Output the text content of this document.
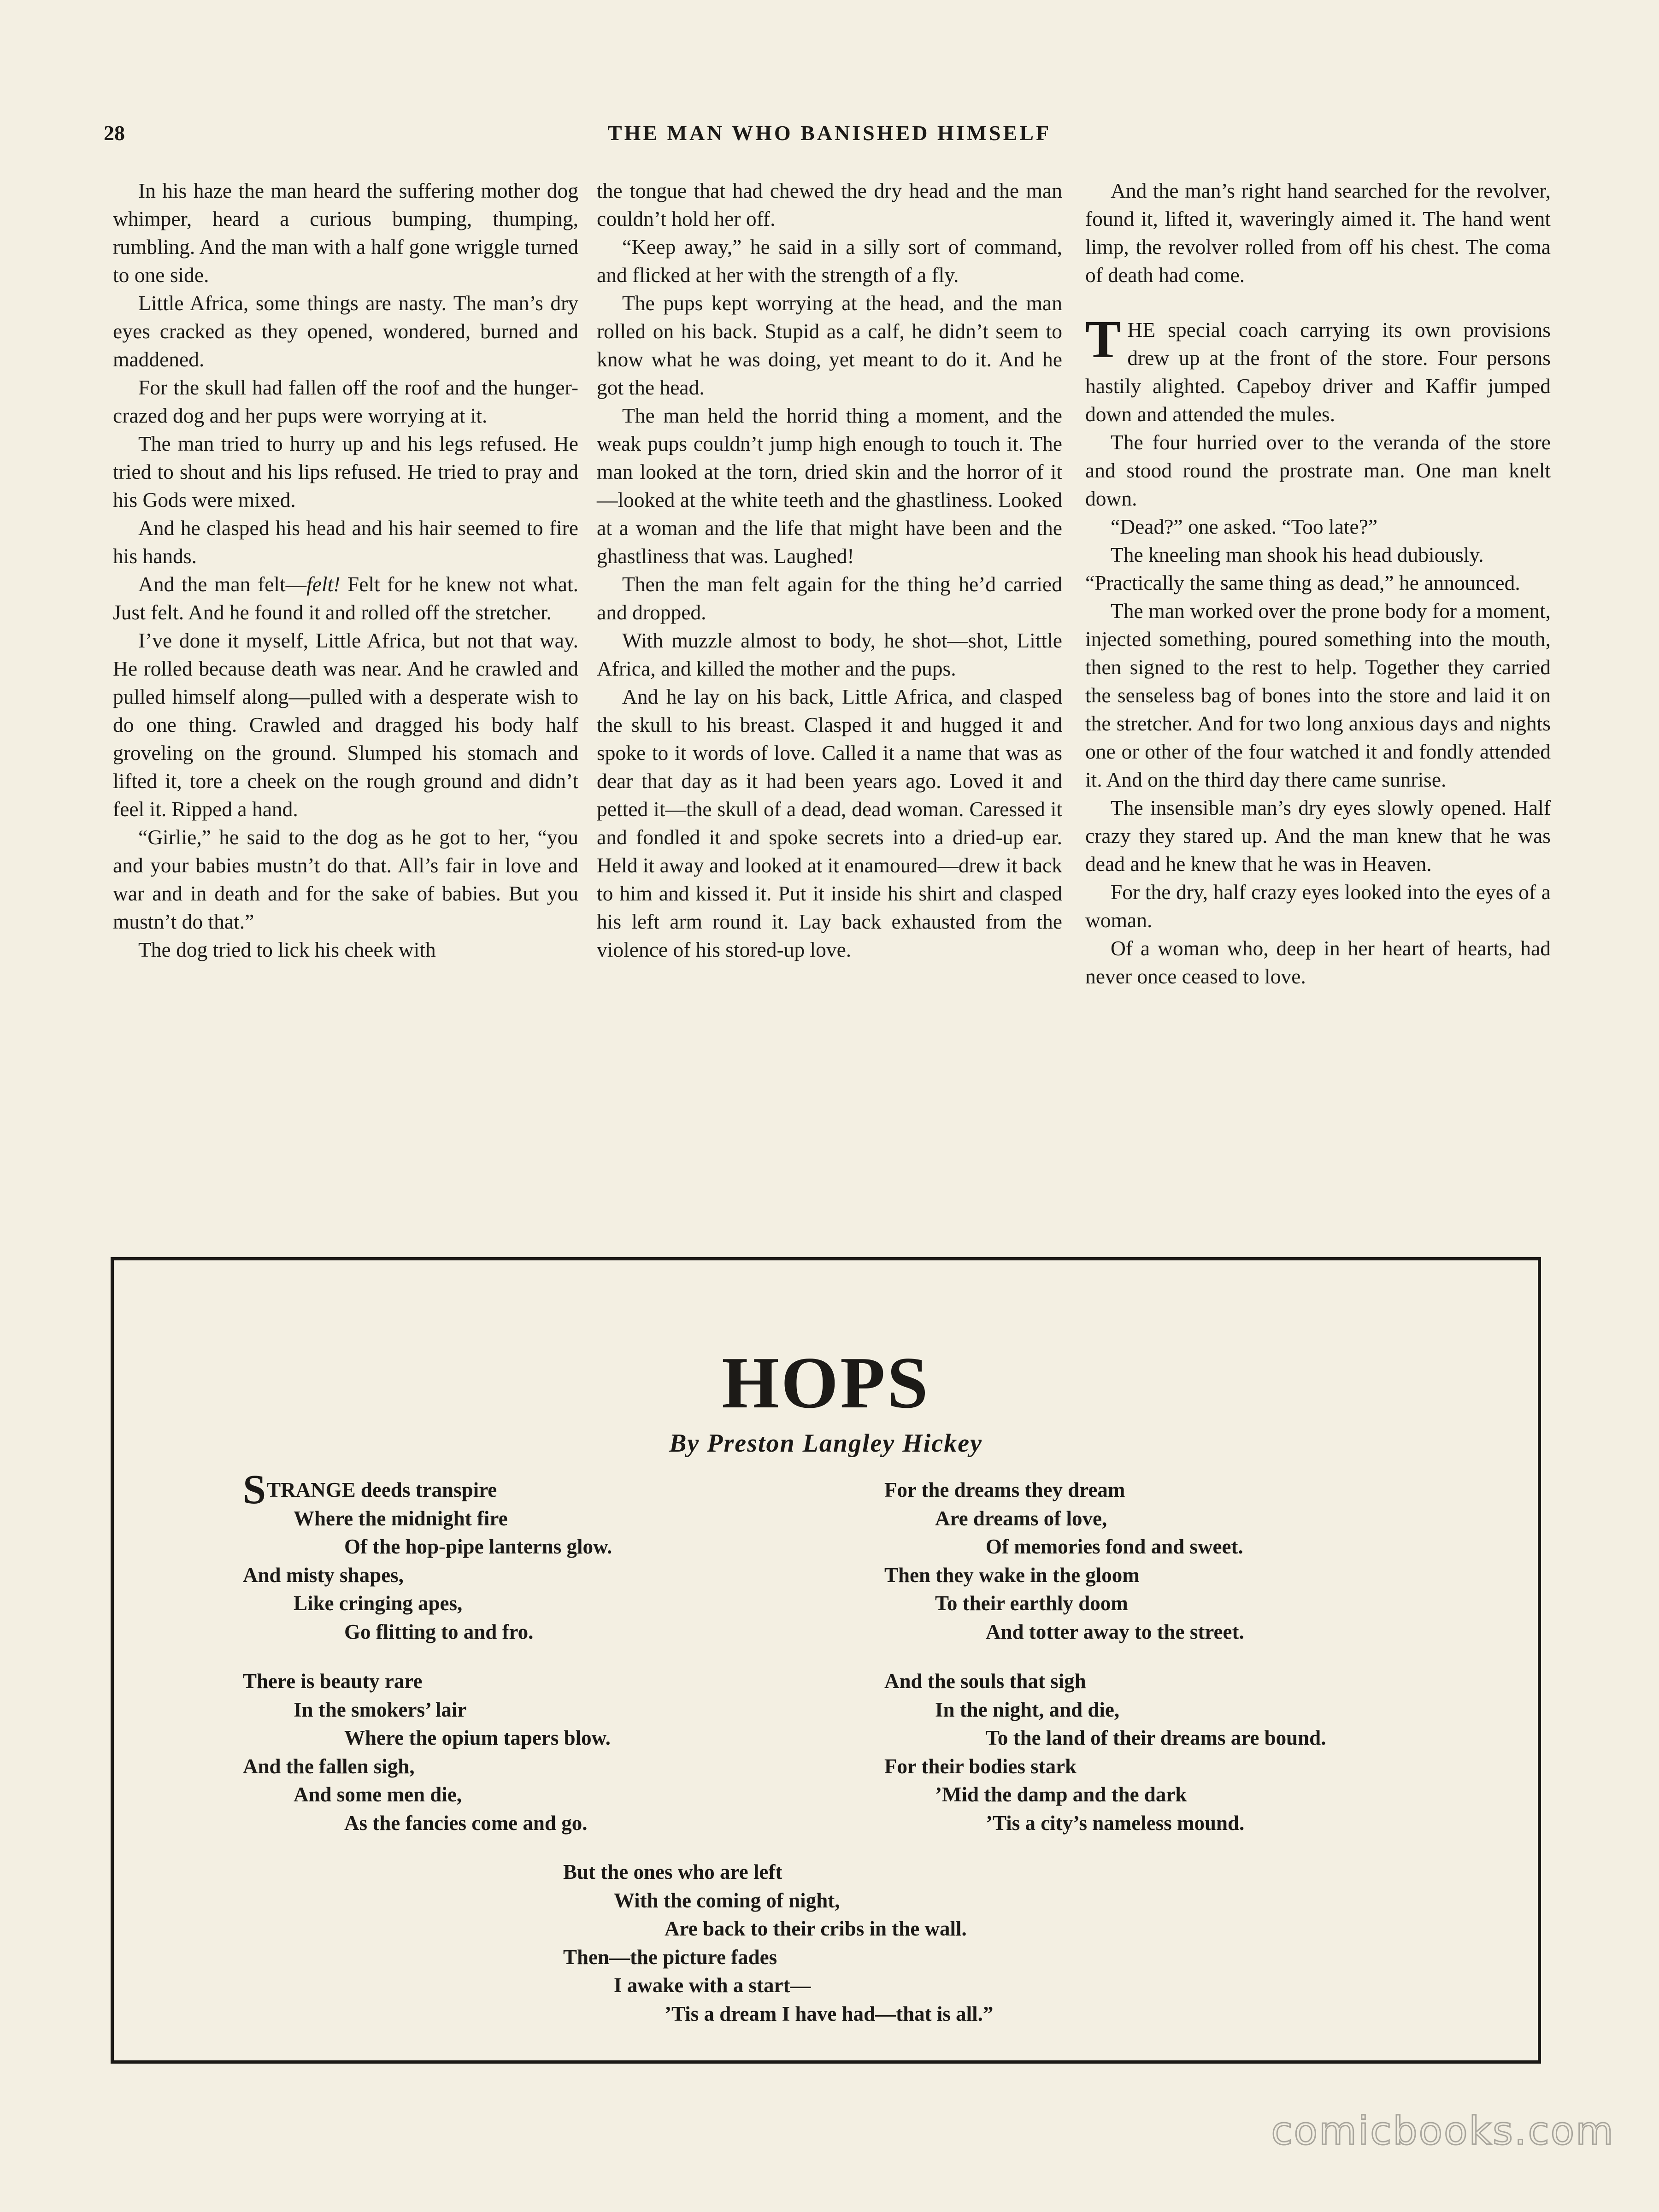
28	THE MAN WHO BANISHED HIMSELF

In his haze the man heard the suffering mother dog whimper, heard a curious bumping, thumping, rumbling. And the man with a half gone wriggle turned to one side.

Little Africa, some things are nasty. The man’s dry eyes cracked as they opened, wondered, burned and maddened.

For the skull had fallen off the roof and the hunger-crazed dog and her pups were worrying at it.

The man tried to hurry up and his legs refused. He tried to shout and his lips refused. He tried to pray and his Gods were mixed.

And he clasped his head and his hair seemed to fire his hands.

And the man felt—felt! Felt for he knew not what. Just felt. And he found it and rolled off the stretcher.

I’ve done it myself, Little Africa, but not that way. He rolled because death was near. And he crawled and pulled himself along—pulled with a desperate wish to do one thing. Crawled and dragged his body half groveling on the ground. Slumped his stomach and lifted it, tore a cheek on the rough ground and didn’t feel it. Ripped a hand.

“Girlie,” he said to the dog as he got to her, “you and your babies mustn’t do that. All’s fair in love and war and in death and for the sake of babies. But you mustn’t do that.”

The dog tried to lick his cheek with

the tongue that had chewed the dry head and the man couldn’t hold her off.

“Keep away,” he said in a silly sort of command, and flicked at her with the strength of a fly.

The pups kept worrying at the head, and the man rolled on his back. Stupid as a calf, he didn’t seem to know what he was doing, yet meant to do it. And he got the head.

The man held the horrid thing a moment, and the weak pups couldn’t jump high enough to touch it. The man looked at the torn, dried skin and the horror of it—looked at the white teeth and the ghastliness. Looked at a woman and the life that might have been and the ghastliness that was. Laughed!

Then the man felt again for the thing he’d carried and dropped.

With muzzle almost to body, he shot—shot, Little Africa, and killed the mother and the pups.

And he lay on his back, Little Africa, and clasped the skull to his breast. Clasped it and hugged it and spoke to it words of love. Called it a name that was as dear that day as it had been years ago. Loved it and petted it—the skull of a dead, dead woman. Caressed it and fondled it and spoke secrets into a dried-up ear. Held it away and looked at it enamoured—drew it back to him and kissed it. Put it inside his shirt and clasped his left arm round it. Lay back exhausted from the violence of his stored-up love.

And the man’s right hand searched for the revolver, found it, lifted it, waveringly aimed it. The hand went limp, the revolver rolled from off his chest. The coma of death had come.

THE special coach carrying its own provisions drew up at the front of the store. Four persons hastily alighted. Capeboy driver and Kaffir jumped down and attended the mules.

The four hurried over to the veranda of the store and stood round the prostrate man. One man knelt down.

“Dead?” one asked. “Too late?”

The kneeling man shook his head dubiously.

“Practically the same thing as dead,” he announced.

The man worked over the prone body for a moment, injected something, poured something into the mouth, then signed to the rest to help. Together they carried the senseless bag of bones into the store and laid it on the stretcher. And for two long anxious days and nights one or other of the four watched it and fondly attended it. And on the third day there came sunrise.

The insensible man’s dry eyes slowly opened. Half crazy they stared up. And the man knew that he was dead and he knew that he was in Heaven.

For the dry, half crazy eyes looked into the eyes of a woman.

Of a woman who, deep in her heart of hearts, had never once ceased to love.

HOPS
By Preston Langley Hickey
STRANGE deeds transpire
Where the midnight fire
Of the hop-pipe lanterns glow.
And misty shapes,
Like cringing apes,
Go flitting to and fro.
There is beauty rare
In the smokers’ lair
Where the opium tapers blow.
And the fallen sigh,
And some men die,
As the fancies come and go.
For the dreams they dream
Are dreams of love,
Of memories fond and sweet.
Then they wake in the gloom
To their earthly doom
And totter away to the street.
And the souls that sigh
In the night, and die,
To the land of their dreams are bound.
For their bodies stark
’Mid the damp and the dark
’Tis a city’s nameless mound.
But the ones who are left
With the coming of night,
Are back to their cribs in the wall.
Then—the picture fades
I awake with a start—
’Tis a dream I have had—that is all.”
comicbooks.com
